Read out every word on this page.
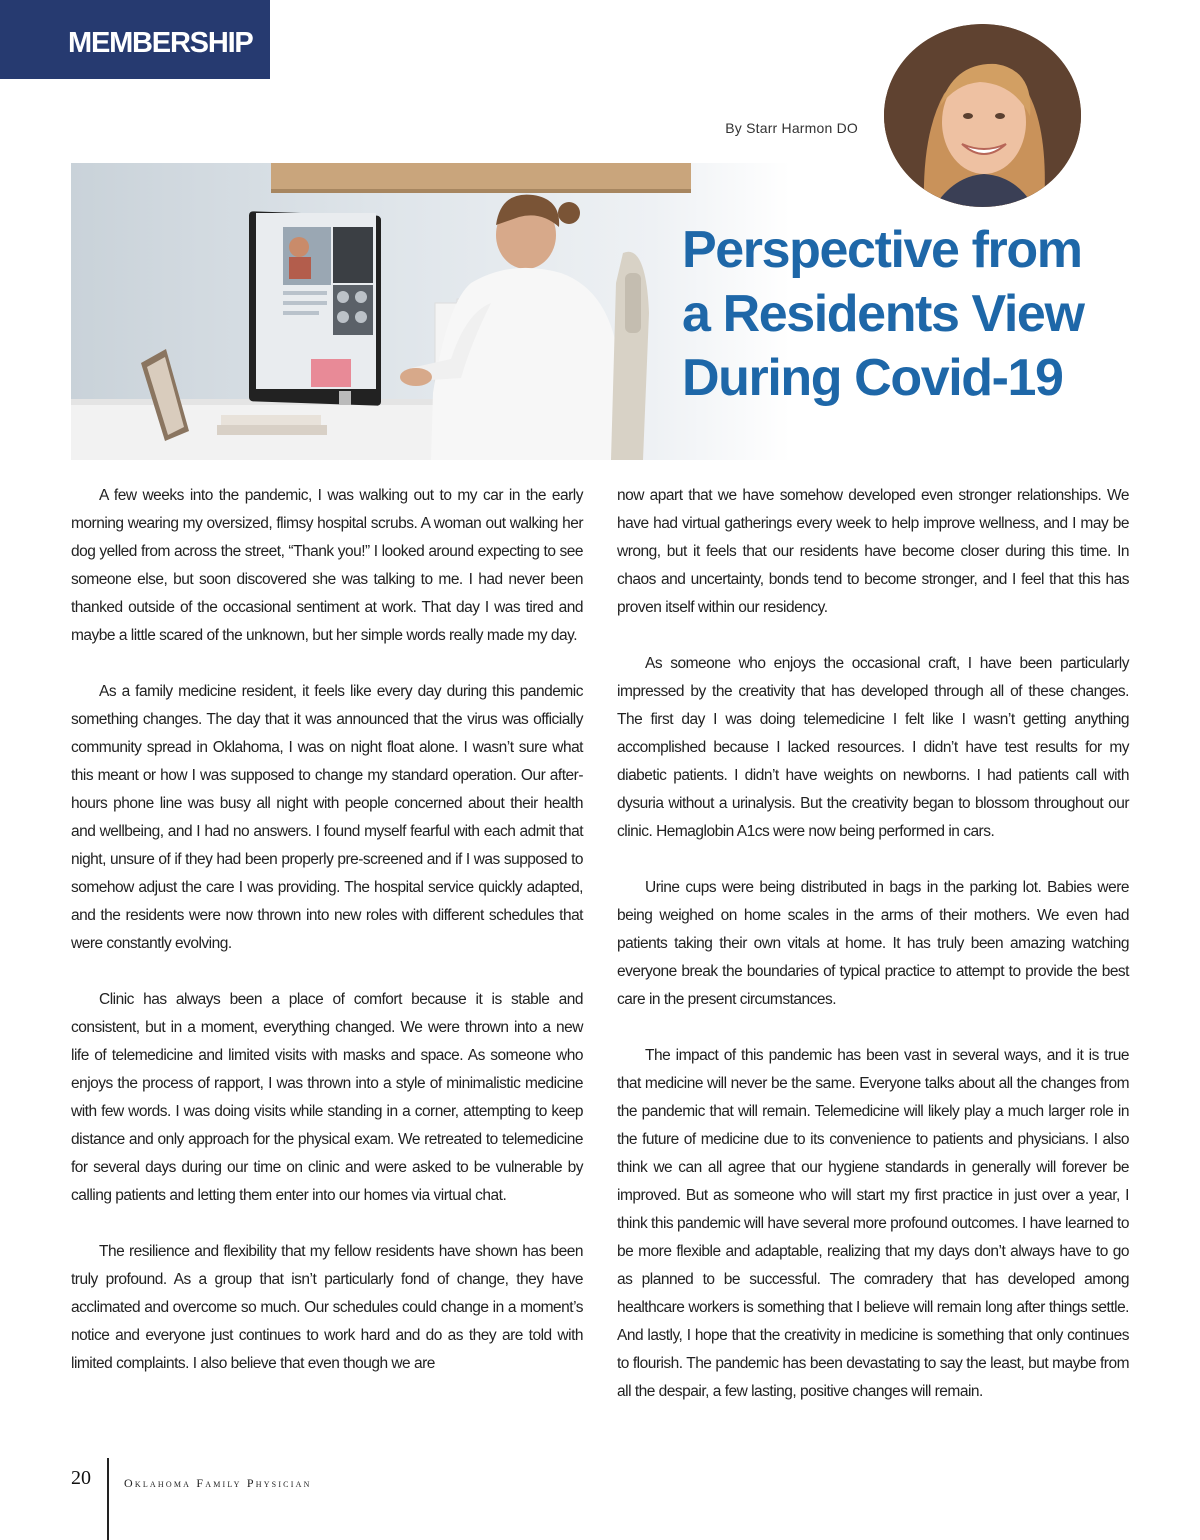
MEMBERSHIP
By Starr Harmon DO
Perspective from
a Residents View
During Covid-19

A few weeks into the pandemic, I was walking out to my car in the early morning wearing my oversized, flimsy hospital scrubs. A woman out walking her dog yelled from across the street, “Thank you!” I looked around expecting to see someone else, but soon discovered she was talking to me. I had never been thanked outside of the occasional sentiment at work. That day I was tired and maybe a little scared of the unknown, but her simple words really made my day.

As a family medicine resident, it feels like every day during this pandemic something changes. The day that it was announced that the virus was officially community spread in Oklahoma, I was on night float alone. I wasn’t sure what this meant or how I was supposed to change my standard operation. Our after-hours phone line was busy all night with people concerned about their health and wellbeing, and I had no answers. I found myself fearful with each admit that night, unsure of if they had been properly pre-screened and if I was supposed to somehow adjust the care I was providing. The hospital service quickly adapted, and the residents were now thrown into new roles with different schedules that were constantly evolving.

Clinic has always been a place of comfort because it is stable and consistent, but in a moment, everything changed. We were thrown into a new life of telemedicine and limited visits with masks and space. As someone who enjoys the process of rapport, I was thrown into a style of minimalistic medicine with few words. I was doing visits while standing in a corner, attempting to keep distance and only approach for the physical exam. We retreated to telemedicine for several days during our time on clinic and were asked to be vulnerable by calling patients and letting them enter into our homes via virtual chat.

The resilience and flexibility that my fellow residents have shown has been truly profound. As a group that isn’t particularly fond of change, they have acclimated and overcome so much. Our schedules could change in a moment’s notice and everyone just continues to work hard and do as they are told with limited complaints. I also believe that even though we are

now apart that we have somehow developed even stronger relationships. We have had virtual gatherings every week to help improve wellness, and I may be wrong, but it feels that our residents have become closer during this time. In chaos and uncertainty, bonds tend to become stronger, and I feel that this has proven itself within our residency.

As someone who enjoys the occasional craft, I have been particularly impressed by the creativity that has developed through all of these changes. The first day I was doing telemedicine I felt like I wasn’t getting anything accomplished because I lacked resources. I didn’t have test results for my diabetic patients. I didn’t have weights on newborns. I had patients call with dysuria without a urinalysis. But the creativity began to blossom throughout our clinic. Hemaglobin A1cs were now being performed in cars.

Urine cups were being distributed in bags in the parking lot. Babies were being weighed on home scales in the arms of their mothers. We even had patients taking their own vitals at home. It has truly been amazing watching everyone break the boundaries of typical practice to attempt to provide the best care in the present circumstances.

The impact of this pandemic has been vast in several ways, and it is true that medicine will never be the same. Everyone talks about all the changes from the pandemic that will remain. Telemedicine will likely play a much larger role in the future of medicine due to its convenience to patients and physicians. I also think we can all agree that our hygiene standards in generally will forever be improved. But as someone who will start my first practice in just over a year, I think this pandemic will have several more profound outcomes. I have learned to be more flexible and adaptable, realizing that my days don’t always have to go as planned to be successful. The comradery that has developed among healthcare workers is something that I believe will remain long after things settle. And lastly, I hope that the creativity in medicine is something that only continues to flourish. The pandemic has been devastating to say the least, but maybe from all the despair, a few lasting, positive changes will remain.

20	Oklahoma Family Physician
